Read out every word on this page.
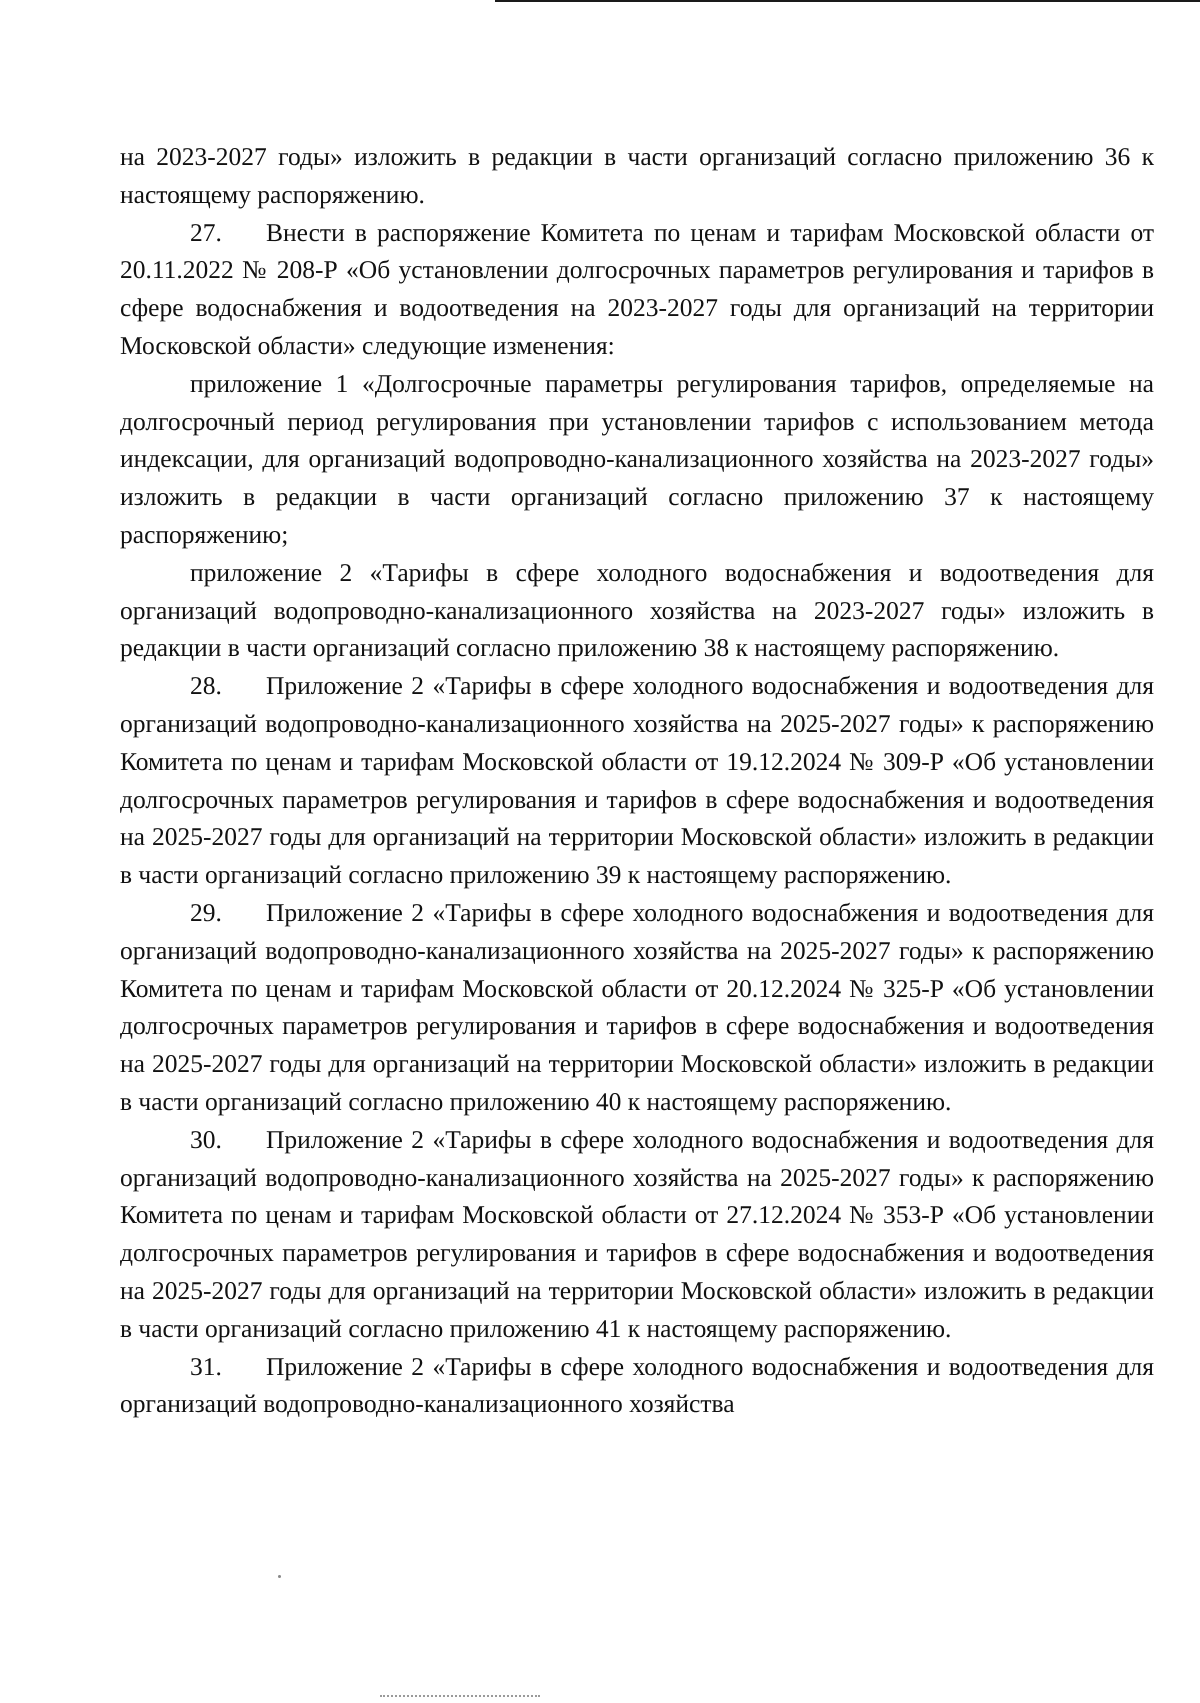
на 2023-2027 годы» изложить в редакции в части организаций согласно приложению 36 к настоящему распоряжению.

27. Внести в распоряжение Комитета по ценам и тарифам Московской области от 20.11.2022 № 208-Р «Об установлении долгосрочных параметров регулирования и тарифов в сфере водоснабжения и водоотведения на 2023-2027 годы для организаций на территории Московской области» следующие изменения:

приложение 1 «Долгосрочные параметры регулирования тарифов, определяемые на долгосрочный период регулирования при установлении тарифов с использованием метода индексации, для организаций водопроводно-канализационного хозяйства на 2023-2027 годы» изложить в редакции в части организаций согласно приложению 37 к настоящему распоряжению;

приложение 2 «Тарифы в сфере холодного водоснабжения и водоотведения для организаций водопроводно-канализационного хозяйства на 2023-2027 годы» изложить в редакции в части организаций согласно приложению 38 к настоящему распоряжению.

28. Приложение 2 «Тарифы в сфере холодного водоснабжения и водоотведения для организаций водопроводно-канализационного хозяйства на 2025-2027 годы» к распоряжению Комитета по ценам и тарифам Московской области от 19.12.2024 № 309-Р «Об установлении долгосрочных параметров регулирования и тарифов в сфере водоснабжения и водоотведения на 2025-2027 годы для организаций на территории Московской области» изложить в редакции в части организаций согласно приложению 39 к настоящему распоряжению.

29. Приложение 2 «Тарифы в сфере холодного водоснабжения и водоотведения для организаций водопроводно-канализационного хозяйства на 2025-2027 годы» к распоряжению Комитета по ценам и тарифам Московской области от 20.12.2024 № 325-Р «Об установлении долгосрочных параметров регулирования и тарифов в сфере водоснабжения и водоотведения на 2025-2027 годы для организаций на территории Московской области» изложить в редакции в части организаций согласно приложению 40 к настоящему распоряжению.

30. Приложение 2 «Тарифы в сфере холодного водоснабжения и водоотведения для организаций водопроводно-канализационного хозяйства на 2025-2027 годы» к распоряжению Комитета по ценам и тарифам Московской области от 27.12.2024 № 353-Р «Об установлении долгосрочных параметров регулирования и тарифов в сфере водоснабжения и водоотведения на 2025-2027 годы для организаций на территории Московской области» изложить в редакции в части организаций согласно приложению 41 к настоящему распоряжению.

31. Приложение 2 «Тарифы в сфере холодного водоснабжения и водоотведения для организаций водопроводно-канализационного хозяйства
